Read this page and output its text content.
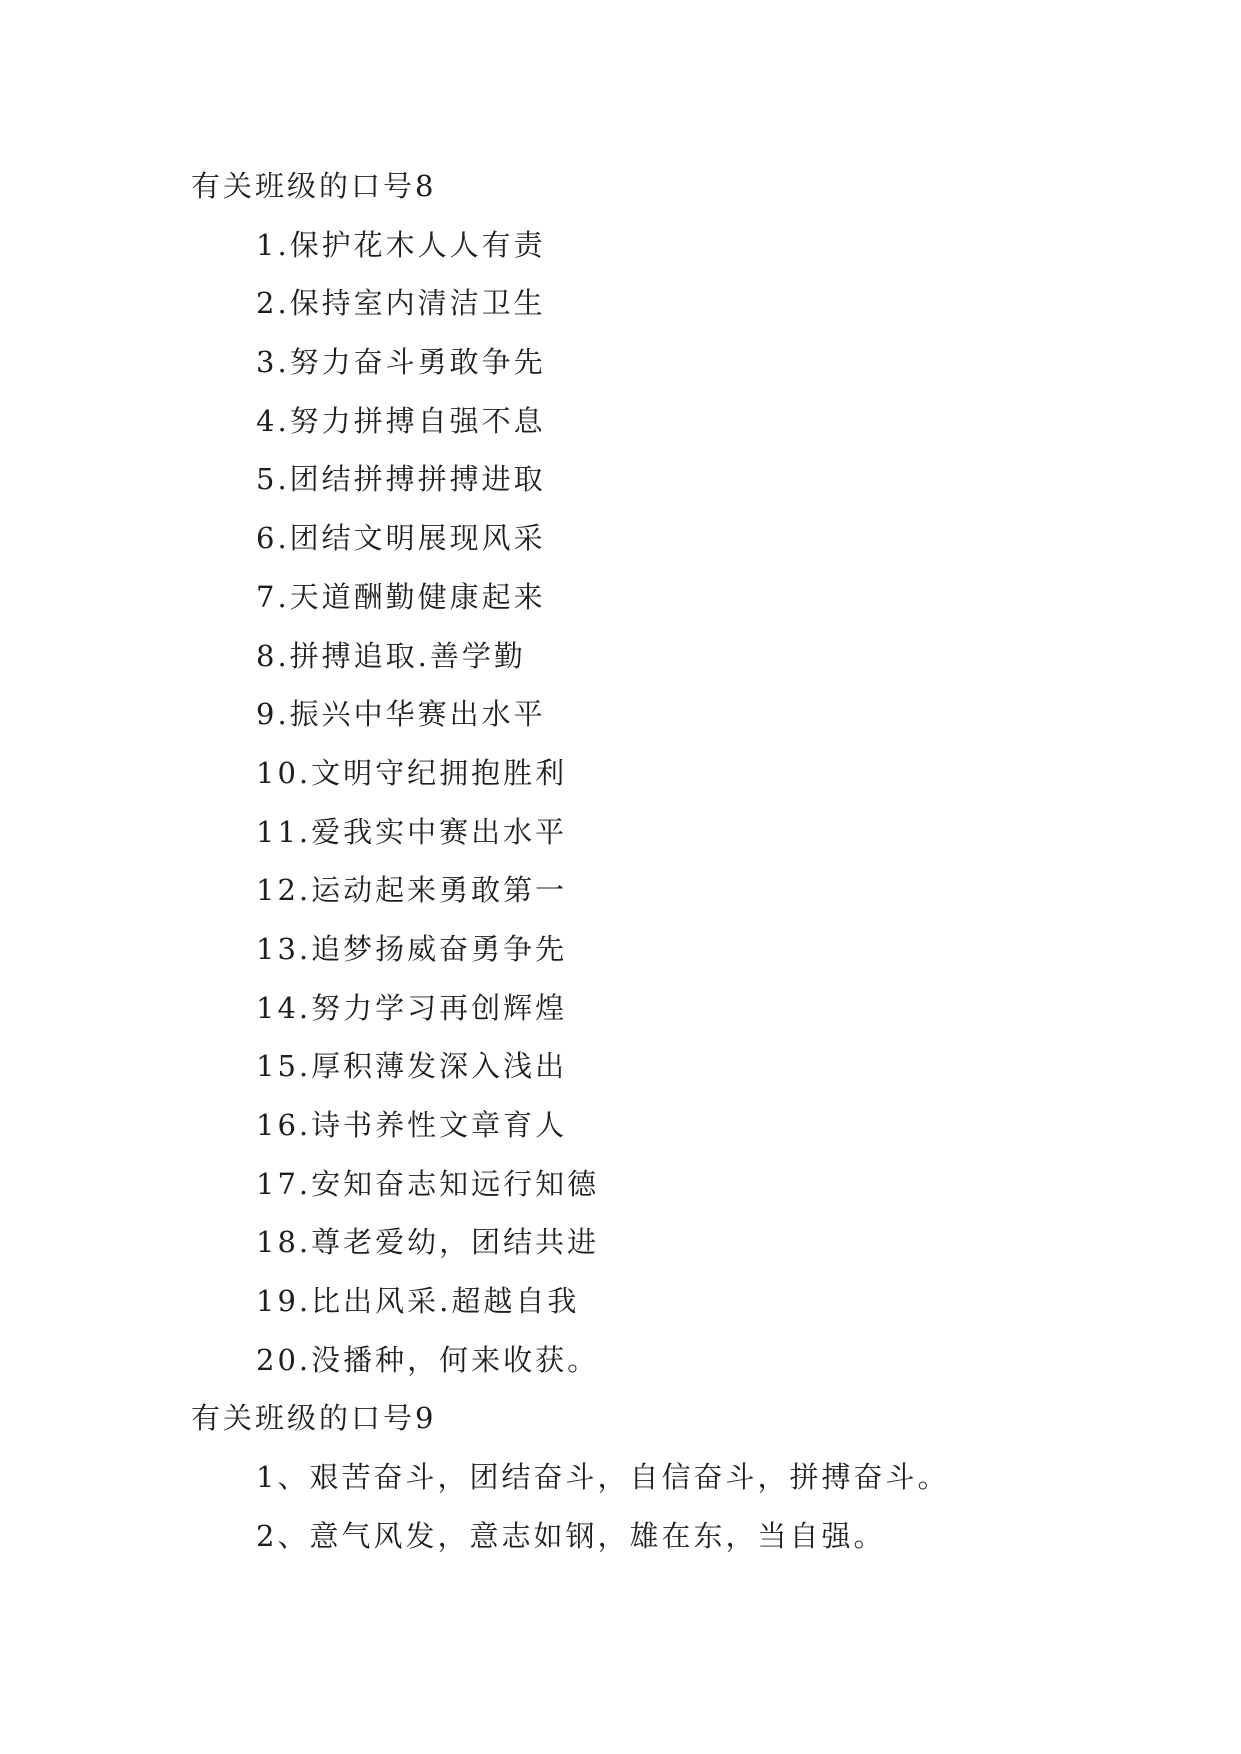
有关班级的口号8
1.保护花木人人有责
2.保持室内清洁卫生
3.努力奋斗勇敢争先
4.努力拼搏自强不息
5.团结拼搏拼搏进取
6.团结文明展现风采
7.天道酬勤健康起来
8.拼搏追取.善学勤
9.振兴中华赛出水平
10.文明守纪拥抱胜利
11.爱我实中赛出水平
12.运动起来勇敢第一
13.追梦扬威奋勇争先
14.努力学习再创辉煌
15.厚积薄发深入浅出
16.诗书养性文章育人
17.安知奋志知远行知德
18.尊老爱幼，团结共进
19.比出风采.超越自我
20.没播种，何来收获。
有关班级的口号9
1、艰苦奋斗，团结奋斗，自信奋斗，拼搏奋斗。
2、意气风发，意志如钢，雄在东，当自强。
